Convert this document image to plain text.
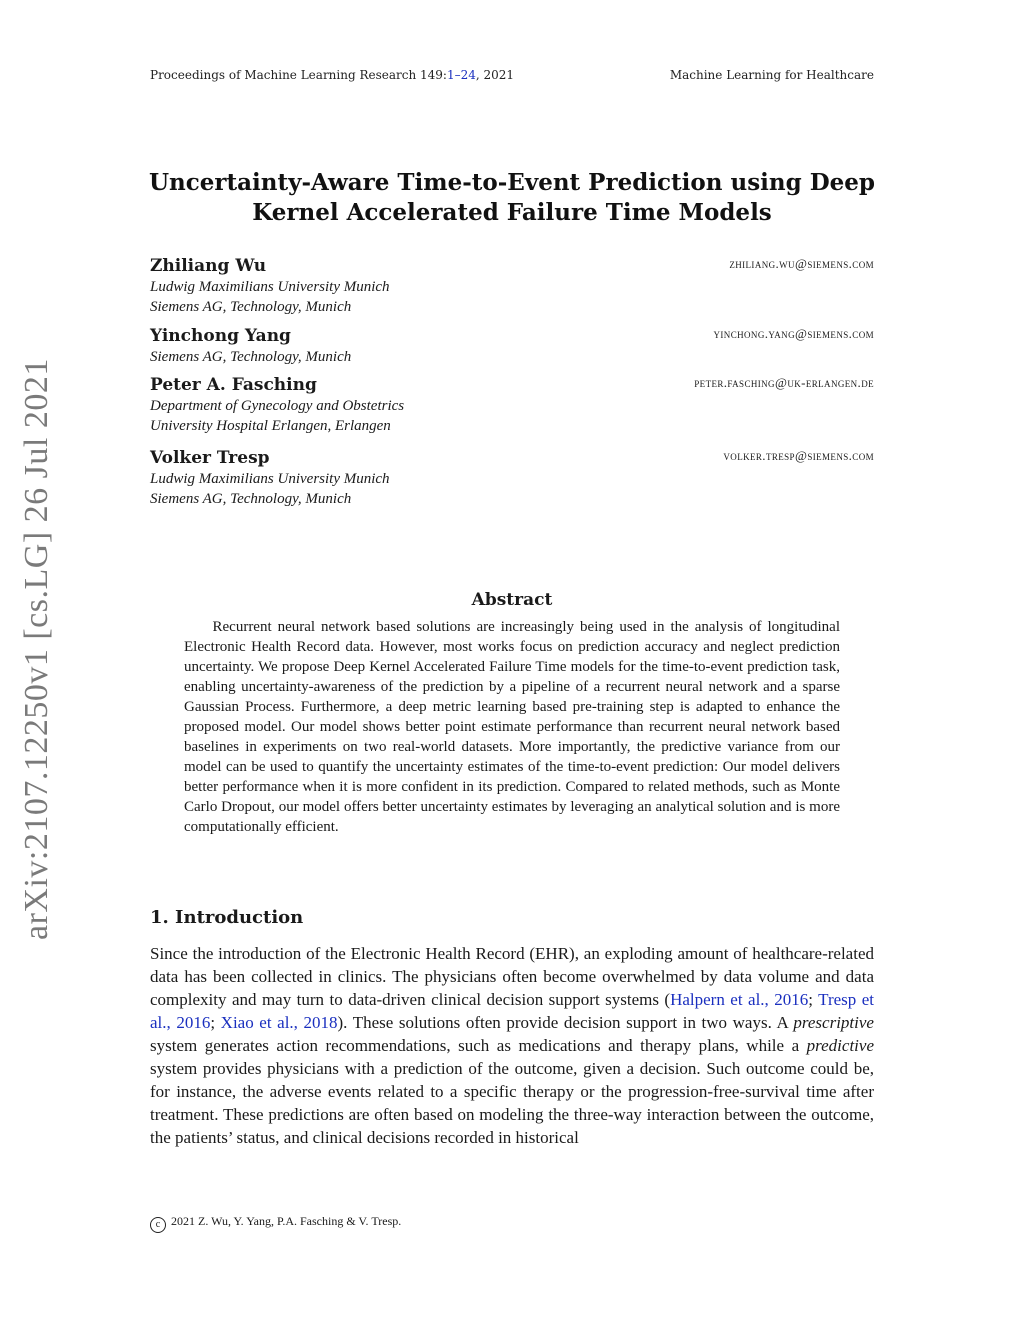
Proceedings of Machine Learning Research 149:1–24, 2021	Machine Learning for Healthcare
arXiv:2107.12250v1 [cs.LG] 26 Jul 2021
Uncertainty-Aware Time-to-Event Prediction using Deep
Kernel Accelerated Failure Time Models
Zhiliang Wu	zhiliang.wu@siemens.com
Ludwig Maximilians University Munich
Siemens AG, Technology, Munich
Yinchong Yang	yinchong.yang@siemens.com
Siemens AG, Technology, Munich
Peter A. Fasching	peter.fasching@uk-erlangen.de
Department of Gynecology and Obstetrics
University Hospital Erlangen, Erlangen
Volker Tresp	volker.tresp@siemens.com
Ludwig Maximilians University Munich
Siemens AG, Technology, Munich
Abstract
Recurrent neural network based solutions are increasingly being used in the analysis of longitudinal Electronic Health Record data. However, most works focus on prediction accuracy and neglect prediction uncertainty. We propose Deep Kernel Accelerated Failure Time models for the time-to-event prediction task, enabling uncertainty-awareness of the prediction by a pipeline of a recurrent neural network and a sparse Gaussian Process. Furthermore, a deep metric learning based pre-training step is adapted to enhance the proposed model. Our model shows better point estimate performance than recurrent neural network based baselines in experiments on two real-world datasets. More importantly, the predictive variance from our model can be used to quantify the uncertainty estimates of the time-to-event prediction: Our model delivers better performance when it is more confident in its prediction. Compared to related methods, such as Monte Carlo Dropout, our model offers better uncertainty estimates by leveraging an analytical solution and is more computationally efficient.
1. Introduction
Since the introduction of the Electronic Health Record (EHR), an exploding amount of healthcare-related data has been collected in clinics. The physicians often become overwhelmed by data volume and data complexity and may turn to data-driven clinical decision support systems (Halpern et al., 2016; Tresp et al., 2016; Xiao et al., 2018). These solutions often provide decision support in two ways. A prescriptive system generates action recommendations, such as medications and therapy plans, while a predictive system provides physicians with a prediction of the outcome, given a decision. Such outcome could be, for instance, the adverse events related to a specific therapy or the progression-free-survival time after treatment. These predictions are often based on modeling the three-way interaction between the outcome, the patients’ status, and clinical decisions recorded in historical
c 2021 Z. Wu, Y. Yang, P.A. Fasching & V. Tresp.
